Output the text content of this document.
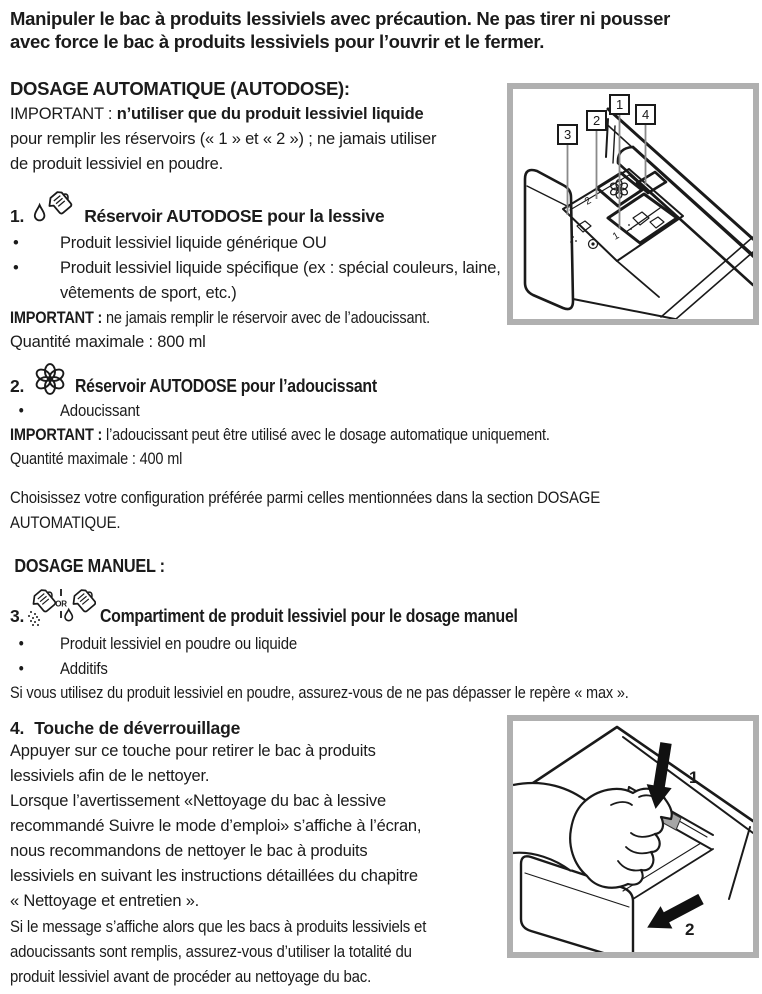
Manipuler le bac à produits lessiviels avec précaution. Ne pas tirer ni pousser
avec force le bac à produits lessiviels pour l’ouvrir et le fermer.
2
1
3
2
1
4
1
2
DOSAGE AUTOMATIQUE (AUTODOSE):
IMPORTANT : n’utiliser que du produit lessiviel liquide
pour remplir les réservoirs (« 1 » et « 2 ») ; ne jamais utiliser
de produit lessiviel en poudre.
1.	Réservoir AUTODOSE pour la lessive
• Produit lessiviel liquide générique OU
• Produit lessiviel liquide spécifique (ex : spécial couleurs, laine, vêtements de sport, etc.)
IMPORTANT : ne jamais remplir le réservoir avec de l’adoucissant.
Quantité maximale : 800 ml
2.	Réservoir AUTODOSE pour l’adoucissant
• Adoucissant
IMPORTANT : l’adoucissant peut être utilisé avec le dosage automatique uniquement.
Quantité maximale : 400 ml
Choisissez votre configuration préférée parmi celles mentionnées dans la section DOSAGE
AUTOMATIQUE.
DOSAGE MANUEL :
3.
OR
Compartiment de produit lessiviel pour le dosage manuel
• Produit lessiviel en poudre ou liquide
• Additifs
Si vous utilisez du produit lessiviel en poudre, assurez-vous de ne pas dépasser le repère « max ».
4. Touche de déverrouillage
Appuyer sur ce touche pour retirer le bac à produits
lessiviels afin de le nettoyer.
Lorsque l’avertissement «Nettoyage du bac à lessive
recommandé Suivre le mode d’emploi» s’affiche à l’écran,
nous recommandons de nettoyer le bac à produits
lessiviels en suivant les instructions détaillées du chapitre
« Nettoyage et entretien ».
Si le message s’affiche alors que les bacs à produits lessiviels et
adoucissants sont remplis, assurez-vous d’utiliser la totalité du
produit lessiviel avant de procéder au nettoyage du bac.
